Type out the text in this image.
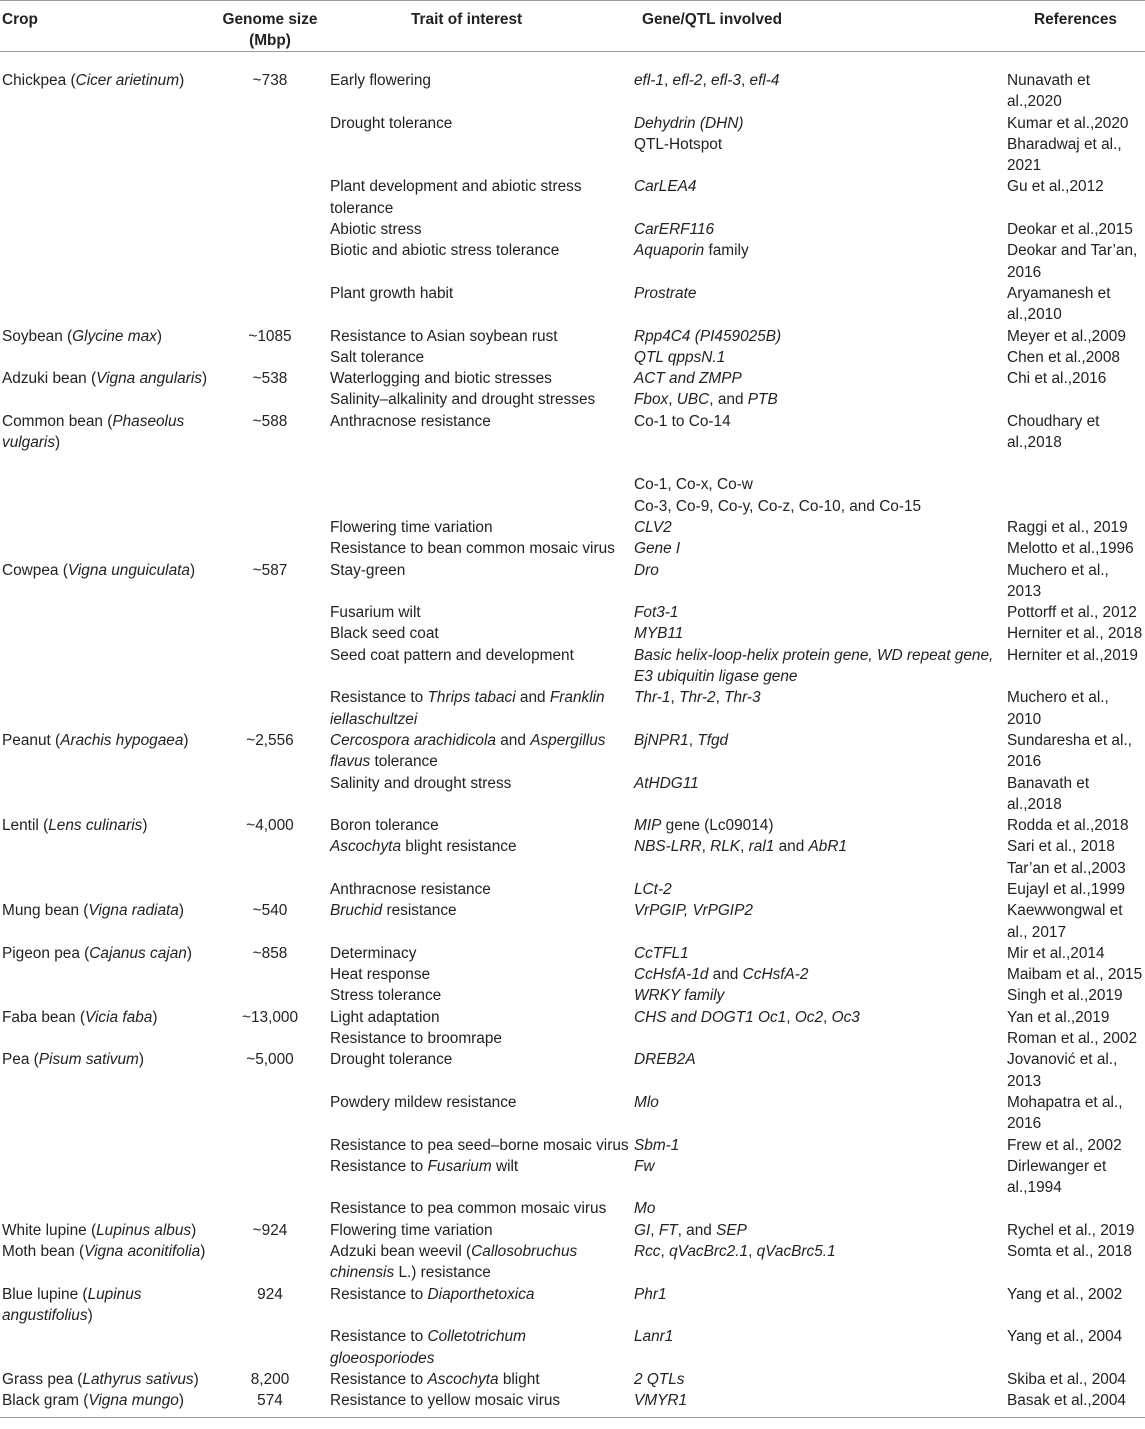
Crop	Genome size (Mbp)	Trait of interest	Gene/QTL involved	References
Chickpea (Cicer arietinum)	~738	Early flowering	efl-1, efl-2, efl-3, efl-4	Nunavath et al.,2020
		Drought tolerance	Dehydrin (DHN)	Kumar et al.,2020
			QTL-Hotspot	Bharadwaj et al., 2021
		Plant development and abiotic stress tolerance	CarLEA4	Gu et al.,2012
		Abiotic stress	CarERF116	Deokar et al.,2015
		Biotic and abiotic stress tolerance	Aquaporin family	Deokar and Tar’an, 2016
		Plant growth habit	Prostrate	Aryamanesh et al.,2010
Soybean (Glycine max)	~1085	Resistance to Asian soybean rust	Rpp4C4 (PI459025B)	Meyer et al.,2009
		Salt tolerance	QTL qppsN.1	Chen et al.,2008
Adzuki bean (Vigna angularis)	~538	Waterlogging and biotic stresses	ACT and ZMPP	Chi et al.,2016
		Salinity–alkalinity and drought stresses	Fbox, UBC, and PTB	
Common bean (Phaseolus vulgaris)	~588	Anthracnose resistance	Co-1 to Co-14	Choudhary et al.,2018
			Co-1, Co-x, Co-w	
			Co-3, Co-9, Co-y, Co-z, Co-10, and Co-15	
		Flowering time variation	CLV2	Raggi et al., 2019
		Resistance to bean common mosaic virus	Gene I	Melotto et al.,1996
Cowpea (Vigna unguiculata)	~587	Stay-green	Dro	Muchero et al., 2013
		Fusarium wilt	Fot3-1	Pottorff et al., 2012
		Black seed coat	MYB11	Herniter et al., 2018
		Seed coat pattern and development	Basic helix-loop-helix protein gene, WD repeat gene, E3 ubiquitin ligase gene	Herniter et al.,2019
		Resistance to Thrips tabaci and Franklin iellaschultzei	Thr-1, Thr-2, Thr-3	Muchero et al., 2010
Peanut (Arachis hypogaea)	~2,556	Cercospora arachidicola and Aspergillus flavus tolerance	BjNPR1, Tfgd	Sundaresha et al., 2016
		Salinity and drought stress	AtHDG11	Banavath et al.,2018
Lentil (Lens culinaris)	~4,000	Boron tolerance	MIP gene (Lc09014)	Rodda et al.,2018
		Ascochyta blight resistance	NBS-LRR, RLK, ral1 and AbR1	Sari et al., 2018
				Tar’an et al.,2003
		Anthracnose resistance	LCt-2	Eujayl et al.,1999
Mung bean (Vigna radiata)	~540	Bruchid resistance	VrPGIP, VrPGIP2	Kaewwongwal et al., 2017
Pigeon pea (Cajanus cajan)	~858	Determinacy	CcTFL1	Mir et al.,2014
		Heat response	CcHsfA-1d and CcHsfA-2	Maibam et al., 2015
		Stress tolerance	WRKY family	Singh et al.,2019
Faba bean (Vicia faba)	~13,000	Light adaptation	CHS and DOGT1 Oc1, Oc2, Oc3	Yan et al.,2019
		Resistance to broomrape		Roman et al., 2002
Pea (Pisum sativum)	~5,000	Drought tolerance	DREB2A	Jovanović et al., 2013
		Powdery mildew resistance	Mlo	Mohapatra et al., 2016
		Resistance to pea seed–borne mosaic virus	Sbm-1	Frew et al., 2002
		Resistance to Fusarium wilt	Fw	Dirlewanger et al.,1994
		Resistance to pea common mosaic virus	Mo	
White lupine (Lupinus albus)	~924	Flowering time variation	GI, FT, and SEP	Rychel et al., 2019
Moth bean (Vigna aconitifolia)		Adzuki bean weevil (Callosobruchus chinensis L.) resistance	Rcc, qVacBrc2.1, qVacBrc5.1	Somta et al., 2018
Blue lupine (Lupinus angustifolius)	924	Resistance to Diaporthetoxica	Phr1	Yang et al., 2002
		Resistance to Colletotrichum gloeosporiodes	Lanr1	Yang et al., 2004
Grass pea (Lathyrus sativus)	8,200	Resistance to Ascochyta blight	2 QTLs	Skiba et al., 2004
Black gram (Vigna mungo)	574	Resistance to yellow mosaic virus	VMYR1	Basak et al.,2004
